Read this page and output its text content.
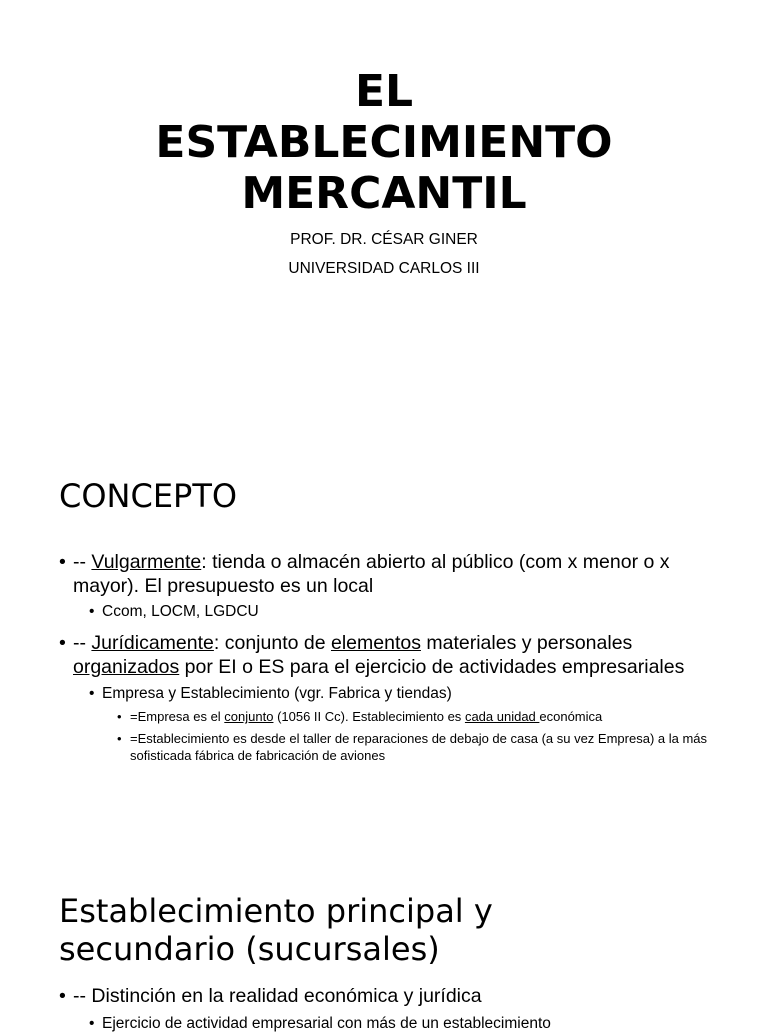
EL
ESTABLECIMIENTO
MERCANTIL
PROF. DR. CÉSAR GINER
UNIVERSIDAD CARLOS III
CONCEPTO
• -- Vulgarmente: tienda o almacén abierto al público (com x menor o x mayor). El presupuesto es un local
• Ccom, LOCM, LGDCU
• -- Jurídicamente: conjunto de elementos materiales y personales organizados por EI o ES para el ejercicio de actividades empresariales
• Empresa y Establecimiento (vgr. Fabrica y tiendas)
• =Empresa es el conjunto (1056 II Cc). Establecimiento es cada unidad económica
• =Establecimiento es desde el taller de reparaciones de debajo de casa (a su vez Empresa) a la más sofisticada fábrica de fabricación de aviones
Establecimiento principal y
secundario (sucursales)
• -- Distinción en la realidad económica y jurídica
• Ejercicio de actividad empresarial con más de un establecimiento
